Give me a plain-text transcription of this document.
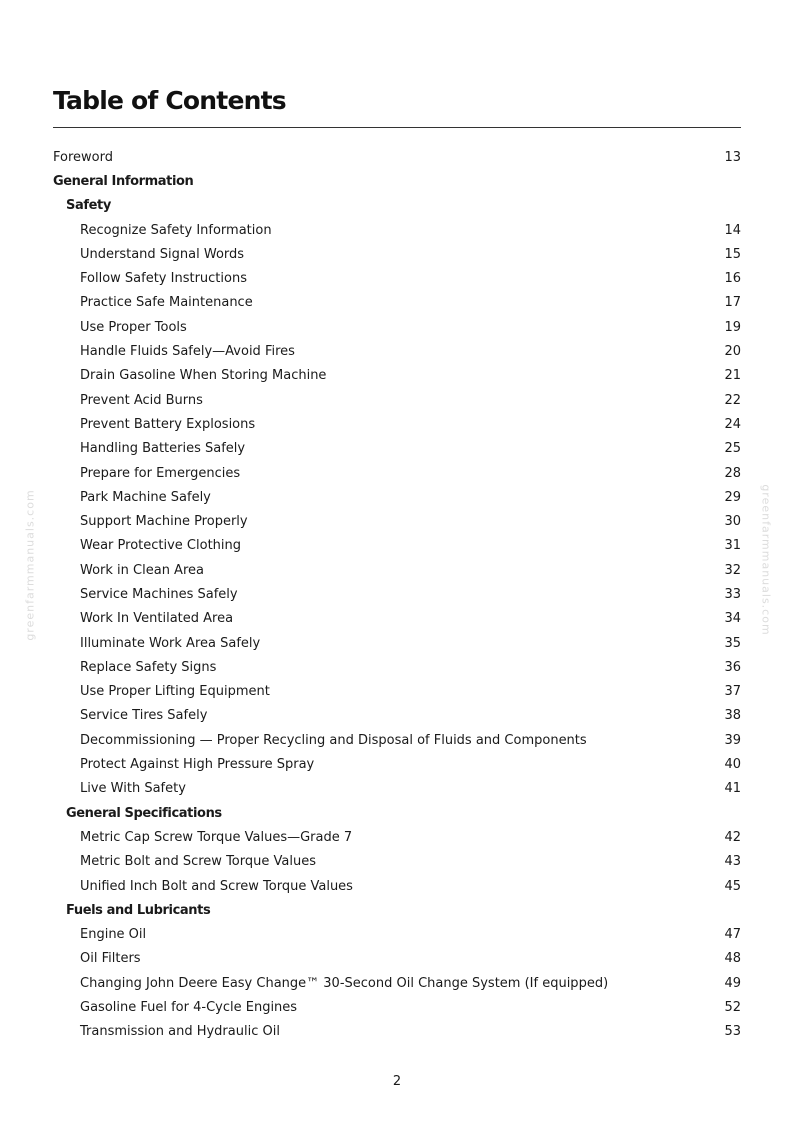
Table of Contents
Foreword	13
General Information
Safety
Recognize Safety Information	14
Understand Signal Words	15
Follow Safety Instructions	16
Practice Safe Maintenance	17
Use Proper Tools	19
Handle Fluids Safely—Avoid Fires	20
Drain Gasoline When Storing Machine	21
Prevent Acid Burns	22
Prevent Battery Explosions	24
Handling Batteries Safely	25
Prepare for Emergencies	28
Park Machine Safely	29
Support Machine Properly	30
Wear Protective Clothing	31
Work in Clean Area	32
Service Machines Safely	33
Work In Ventilated Area	34
Illuminate Work Area Safely	35
Replace Safety Signs	36
Use Proper Lifting Equipment	37
Service Tires Safely	38
Decommissioning — Proper Recycling and Disposal of Fluids and Components	39
Protect Against High Pressure Spray	40
Live With Safety	41
General Specifications
Metric Cap Screw Torque Values—Grade 7	42
Metric Bolt and Screw Torque Values	43
Unified Inch Bolt and Screw Torque Values	45
Fuels and Lubricants
Engine Oil	47
Oil Filters	48
Changing John Deere Easy Change™ 30-Second Oil Change System (If equipped)	49
Gasoline Fuel for 4-Cycle Engines	52
Transmission and Hydraulic Oil	53
2
greenfarmmanuals.com	greenfarmmanuals.com
